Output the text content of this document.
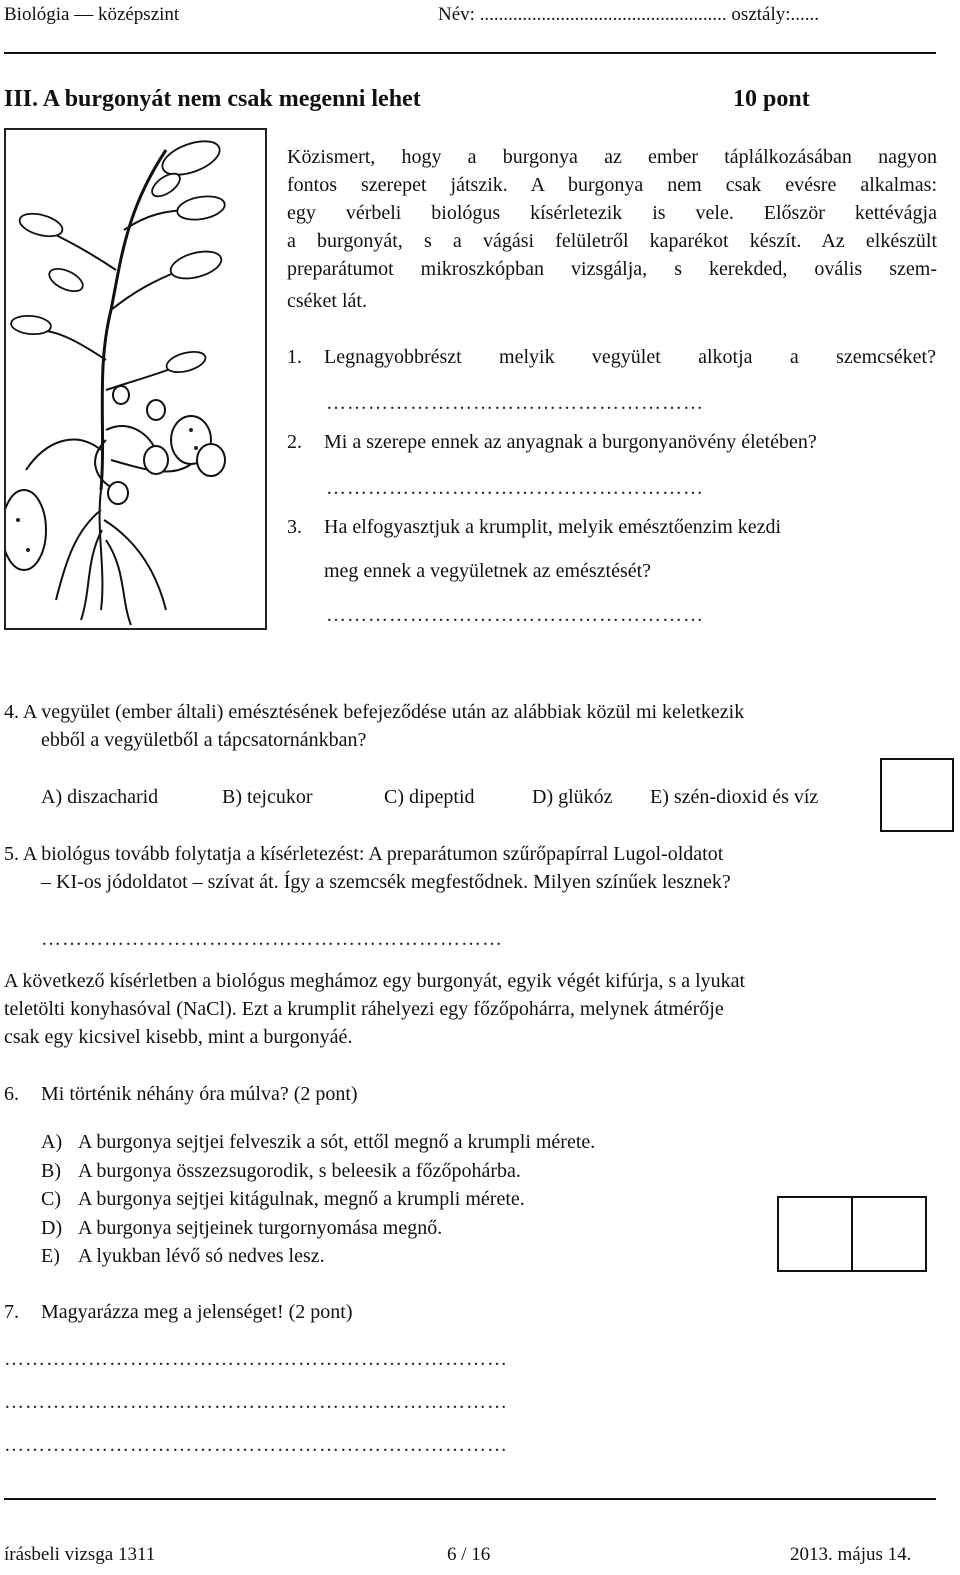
Biológia — középszint	Név: .................................................... osztály:......
III. A burgonyát nem csak megenni lehet	10 pont
Közismert, hogy a burgonya az ember táplálkozásában nagyon
fontos szerepet játszik. A burgonya nem csak evésre alkalmas:
egy vérbeli biológus kísérletezik is vele. Először kettévágja
a burgonyát, s a vágási felületről kaparékot készít. Az elkészült
preparátumot mikroszkópban vizsgálja, s kerekded, ovális szem-
cséket lát.
1. Legnagyobbrészt melyik vegyület alkotja a szemcséket?
………………………………………………
2. Mi a szerepe ennek az anyagnak a burgonyanövény életében?
………………………………………………
3. Ha elfogyasztjuk a krumplit, melyik emésztőenzim kezdi
meg ennek a vegyületnek az emésztését?
………………………………………………
4. A vegyület (ember általi) emésztésének befejeződése után az alábbiak közül mi keletkezik
ebből a vegyületből a tápcsatornánkban?
A) diszacharid	B) tejcukor	C) dipeptid	D) glükóz E) szén-dioxid és víz
5. A biológus tovább folytatja a kísérletezést: A preparátumon szűrőpapírral Lugol-oldatot
– KI-os jódoldatot – szívat át. Így a szemcsék megfestődnek. Milyen színűek lesznek?
…………………………………………………………
A következő kísérletben a biológus meghámoz egy burgonyát, egyik végét kifúrja, s a lyukat
teletölti konyhasóval (NaCl). Ezt a krumplit ráhelyezi egy főzőpohárra, melynek átmérője
csak egy kicsivel kisebb, mint a burgonyáé.
6. Mi történik néhány óra múlva? (2 pont)
A) A burgonya sejtjei felveszik a sót, ettől megnő a krumpli mérete.
B) A burgonya összezsugorodik, s beleesik a főzőpohárba.
C) A burgonya sejtjei kitágulnak, megnő a krumpli mérete.
D) A burgonya sejtjeinek turgornyomása megnő.
E) A lyukban lévő só nedves lesz.
7. Magyarázza meg a jelenséget! (2 pont)
………………………………………………………………
………………………………………………………………
………………………………………………………………
írásbeli vizsga 1311	6 / 16	2013. május 14.
